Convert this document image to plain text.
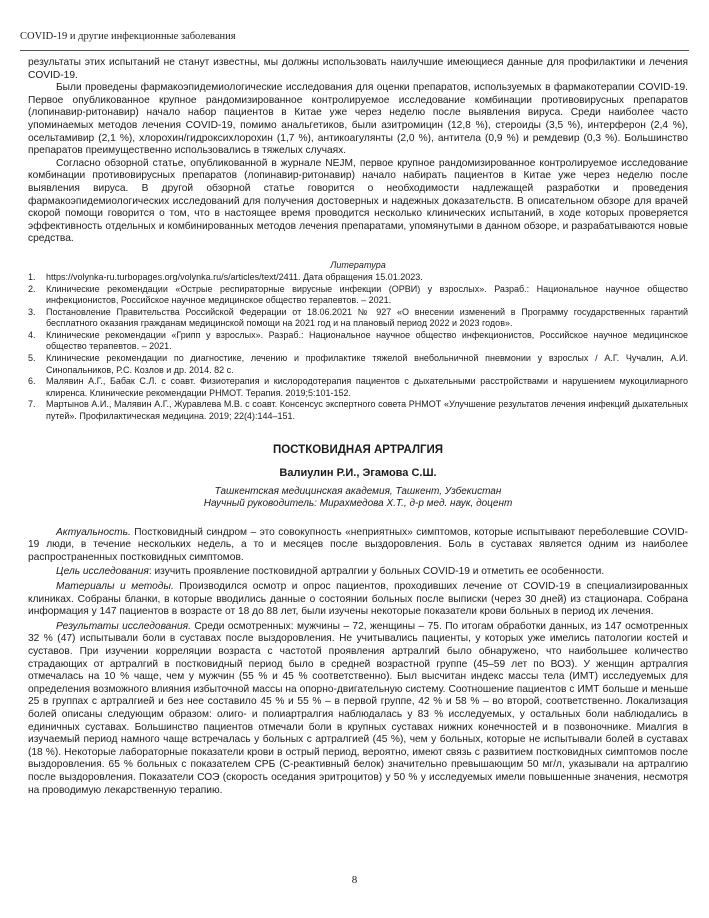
COVID-19 и другие инфекционные заболевания

результаты этих испытаний не станут известны, мы должны использовать наилучшие имеющиеся данные для профилактики и лечения COVID-19.

Были проведены фармакоэпидемиологические исследования для оценки препаратов, используемых в фармакотерапии COVID-19. Первое опубликованное крупное рандомизированное контролируемое исследование комбинации противовирусных препаратов (лопинавир-ритонавир) начало набор пациентов в Китае уже через неделю после выявления вируса. Среди наиболее часто упоминаемых методов лечения COVID-19, помимо анальгетиков, были азитромицин (12,8 %), стероиды (3,5 %), интерферон (2,4 %), осельтамивир (2,1 %), хлорохин/гидроксихлорохин (1,7 %), антикоагулянты (2,0 %), антитела (0,9 %) и ремдевир (0,3 %). Большинство препаратов преимущественно использовались в тяжелых случаях.

Согласно обзорной статье, опубликованной в журнале NEJM, первое крупное рандомизированное контролируемое исследование комбинации противовирусных препаратов (лопинавир-ритонавир) начало набирать пациентов в Китае уже через неделю после выявления вируса. В другой обзорной статье говорится о необходимости надлежащей разработки и проведения фармакоэпидемиологических исследований для получения достоверных и надежных доказательств. В описательном обзоре для врачей скорой помощи говорится о том, что в настоящее время проводится несколько клинических испытаний, в ходе которых проверяется эффективность отдельных и комбинированных методов лечения препаратами, упомянутыми в данном обзоре, и разрабатываются новые средства.

Литература
1. https://volynka-ru.turbopages.org/volynka.ru/s/articles/text/2411. Дата обращения 15.01.2023.
2. Клинические рекомендации «Острые респираторные вирусные инфекции (ОРВИ) у взрослых». Разраб.: Национальное научное общество инфекционистов, Российское научное медицинское общество терапевтов. – 2021.
3. Постановление Правительства Российской Федерации от 18.06.2021 № 927 «О внесении изменений в Программу государственных гарантий бесплатного оказания гражданам медицинской помощи на 2021 год и на плановый период 2022 и 2023 годов».
4. Клинические рекомендации «Грипп у взрослых». Разраб.: Национальное научное общество инфекционистов, Российское научное медицинское общество терапевтов. – 2021.
5. Клинические рекомендации по диагностике, лечению и профилактике тяжелой внебольничной пневмонии у взрослых / А.Г. Чучалин, А.И. Синопальников, Р.С. Козлов и др. 2014. 82 с.
6. Малявин А.Г., Бабак С.Л. с соавт. Физиотерапия и кислородотерапия пациентов с дыхательными расстройствами и нарушением мукоцилиарного клиренса. Клинические рекомендации РНМОТ. Терапия. 2019;5:101-152.
7. Мартынов А.И., Малявин А.Г., Журавлева М.В. с соавт. Консенсус экспертного совета РНМОТ «Улучшение результатов лечения инфекций дыхательных путей». Профилактическая медицина. 2019; 22(4):144–151.
ПОСТКОВИДНАЯ АРТРАЛГИЯ
Валиулин Р.И., Эгамова С.Ш.
Ташкентская медицинская академия, Ташкент, Узбекистан
Научный руководитель: Мирахмедова Х.Т., д-р мед. наук, доцент

Актуальность. Постковидный синдром – это совокупность «неприятных» симптомов, которые испытывают переболевшие COVID-19 люди, в течение нескольких недель, а то и месяцев после выздоровления. Боль в суставах является одним из наиболее распространенных постковидных симптомов.

Цель исследования: изучить проявление постковидной артралгии у больных COVID-19 и отметить ее особенности.

Материалы и методы. Производился осмотр и опрос пациентов, проходивших лечение от COVID-19 в специализированных клиниках. Собраны бланки, в которые вводились данные о состоянии больных после выписки (через 30 дней) из стационара. Собрана информация у 147 пациентов в возрасте от 18 до 88 лет, были изучены некоторые показатели крови больных в период их лечения.

Результаты исследования. Среди осмотренных: мужчины – 72, женщины – 75. По итогам обработки данных, из 147 осмотренных 32 % (47) испытывали боли в суставах после выздоровления. Не учитывались пациенты, у которых уже имелись патологии костей и суставов. При изучении корреляции возраста с частотой проявления артралгий было обнаружено, что наибольшее количество страдающих от артралгий в постковидный период было в средней возрастной группе (45–59 лет по ВОЗ). У женщин артралгия отмечалась на 10 % чаще, чем у мужчин (55 % и 45 % соответственно). Был высчитан индекс массы тела (ИМТ) исследуемых для определения возможного влияния избыточной массы на опорно-двигательную систему. Соотношение пациентов с ИМТ больше и меньше 25 в группах с артралгией и без нее составило 45 % и 55 % – в первой группе, 42 % и 58 % – во второй, соответственно. Локализация болей описаны следующим образом: олиго- и полиартралгия наблюдалась у 83 % исследуемых, у остальных боли наблюдались в единичных суставах. Большинство пациентов отмечали боли в крупных суставах нижних конечностей и в позвоночнике. Миалгия в изучаемый период намного чаще встречалась у больных с артралгией (45 %), чем у больных, которые не испытывали болей в суставах (18 %). Некоторые лабораторные показатели крови в острый период, вероятно, имеют связь с развитием постковидных симптомов после выздоровления. 65 % больных с показателем СРБ (С-реактивный белок) значительно превышающим 50 мг/л, указывали на артралгию после выздоровления. Показатели СОЭ (скорость оседания эритроцитов) у 50 % у исследуемых имели повышенные значения, несмотря на проводимую лекарственную терапию.

8
